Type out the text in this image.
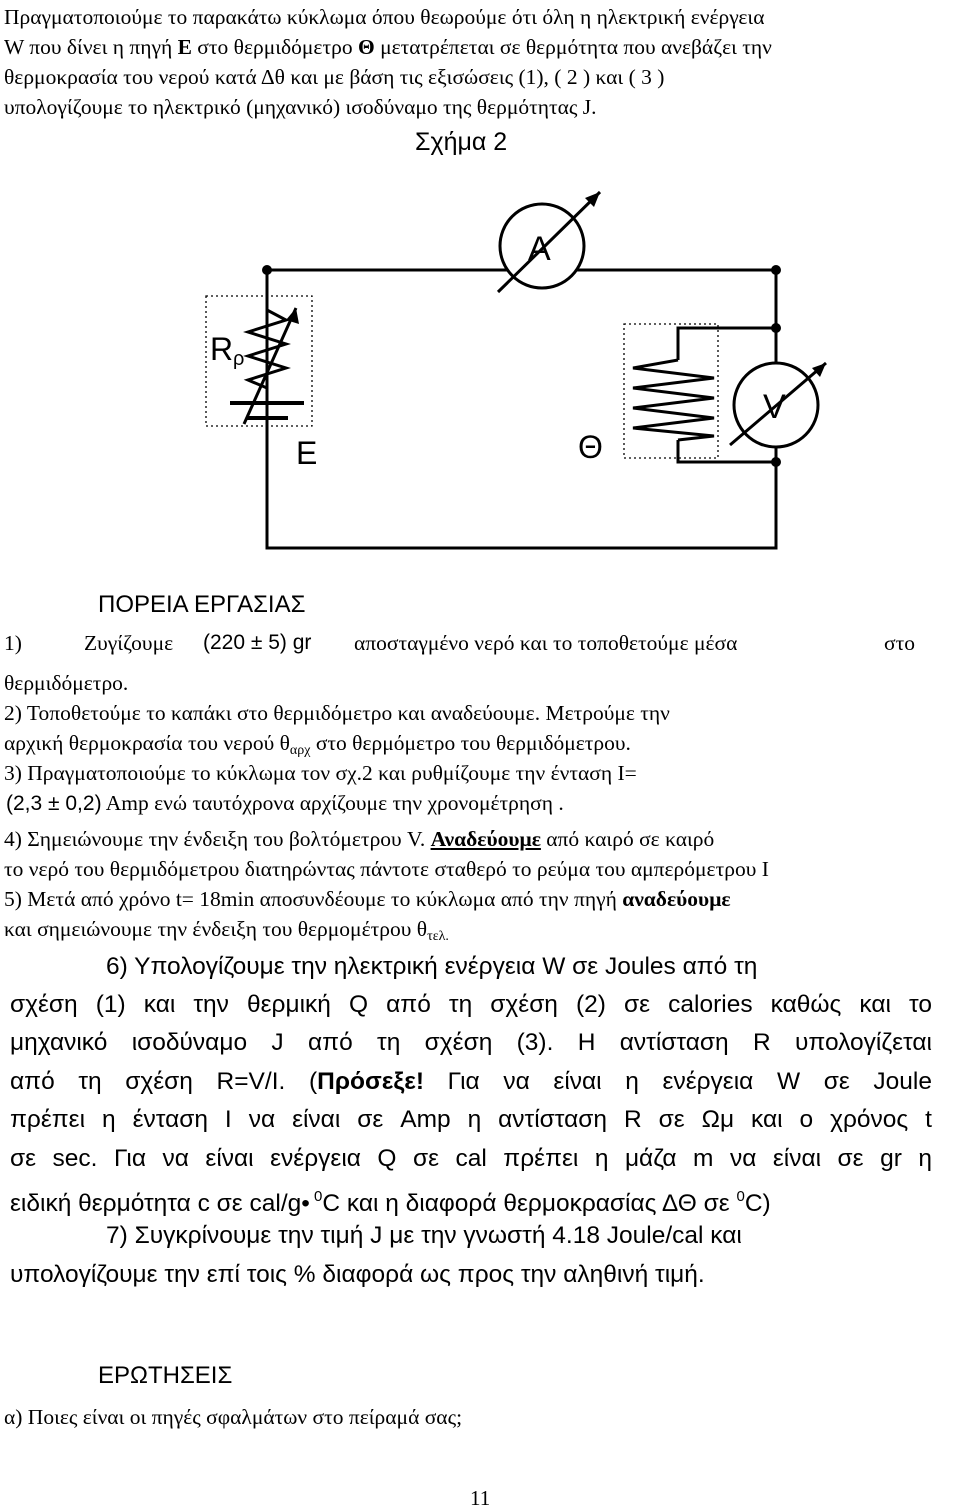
Πραγματοποιούμε το παρακάτω κύκλωμα όπου θεωρούμε ότι όλη η ηλεκτρική ενέργεια
W που δίνει η πηγή Ε στο θερμιδόμετρο Θ μετατρέπεται σε θερμότητα που ανεβάζει την
θερμοκρασία του νερού κατά Δθ και με βάση τις εξισώσεις (1), ( 2 ) και ( 3 )
υπολογίζουμε το ηλεκτρικό (μηχανικό) ισοδύναμο της θερμότητας J.
Σχήμα 2
A
V
R ρ
E	Θ
ΠΟΡΕΙΑ ΕΡΓΑΣΙΑΣ
1)	Ζυγίζουμε (220 ± 5) gr αποσταγμένο νερό και το τοποθετούμε μέσα	στο
θερμιδόμετρο.
2) Τοποθετούμε το καπάκι στο θερμιδόμετρο και αναδεύουμε. Μετρούμε την
αρχική θερμοκρασία του νερού $\theta_{\alpha\rho\chi}$ στο θερμόμετρο του θερμιδόμετρου.
3) Πραγματοποιούμε το κύκλωμα τον σχ.2 και ρυθμίζουμε την ένταση Ι=
(2,3 ± 0,2) Amp ενώ ταυτόχρονα αρχίζουμε την χρονομέτρηση .
4) Σημειώνουμε την ένδειξη του βολτόμετρου V. Αναδεύουμε από καιρό σε καιρό
το νερό του θερμιδόμετρου διατηρώντας πάντοτε σταθερό το ρεύμα του αμπερόμετρου Ι
5) Μετά από χρόνο t= 18min αποσυνδέουμε το κύκλωμα από την πηγή αναδεύουμε
και σημειώνουμε την ένδειξη του θερμομέτρου $\theta_{\tau\varepsilon\lambda.}$
6) Υπολογίζουμε την ηλεκτρική ενέργεια W σε Joules από τη
σχέση (1) και την θερμική Q από τη σχέση (2) σε calories καθώς και το
μηχανικό ισοδύναμο J από τη σχέση (3). Η αντίσταση R υπολογίζεται
από τη σχέση R=V/I. (Πρόσεξε! Για να είναι η ενέργεια W σε Joule
πρέπει η ένταση Ι να είναι σε Amp η αντίσταση R σε Ωμ και ο χρόνος t
σε sec. Για να είναι ενέργεια Q σε cal πρέπει η μάζα m να είναι σε gr η
ειδική θερμότητα c σε cal/g• $^0$C και η διαφορά θερμοκρασίας ΔΘ σε $^0$C)
7) Συγκρίνουμε την τιμή J με την γνωστή 4.18 Joule/cal και
υπολογίζουμε την επί τοις % διαφορά ως προς την αληθινή τιμή.
ΕΡΩΤΗΣΕΙΣ
α) Ποιες είναι οι πηγές σφαλμάτων στο πείραμά σας;
11
